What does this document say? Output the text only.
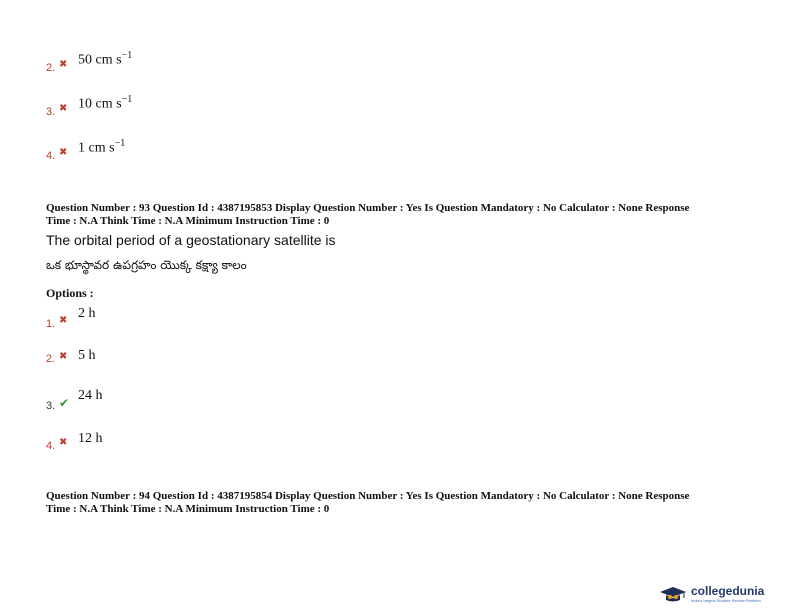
2. ✖ 50 cm $s^{-1}$
3. ✖ 10 cm $s^{-1}$
4. ✖ 1 cm $s^{-1}$
Question Number : 93 Question Id : 4387195853 Display Question Number : Yes Is Question Mandatory : No Calculator : None Response
Time : N.A Think Time : N.A Minimum Instruction Time : 0
The orbital period of a geostationary satellite is
ఒక భూస్థావర ఉపగ్రహం యొక్క కక్ష్యా కాలం
Options :
1. ✖ 2 h
2. ✖ 5 h
3. ✔ 24 h
4. ✖ 12 h
Question Number : 94 Question Id : 4387195854 Display Question Number : Yes Is Question Mandatory : No Calculator : None Response
Time : N.A Think Time : N.A Minimum Instruction Time : 0
collegedunia
India's largest Student Review Platform
